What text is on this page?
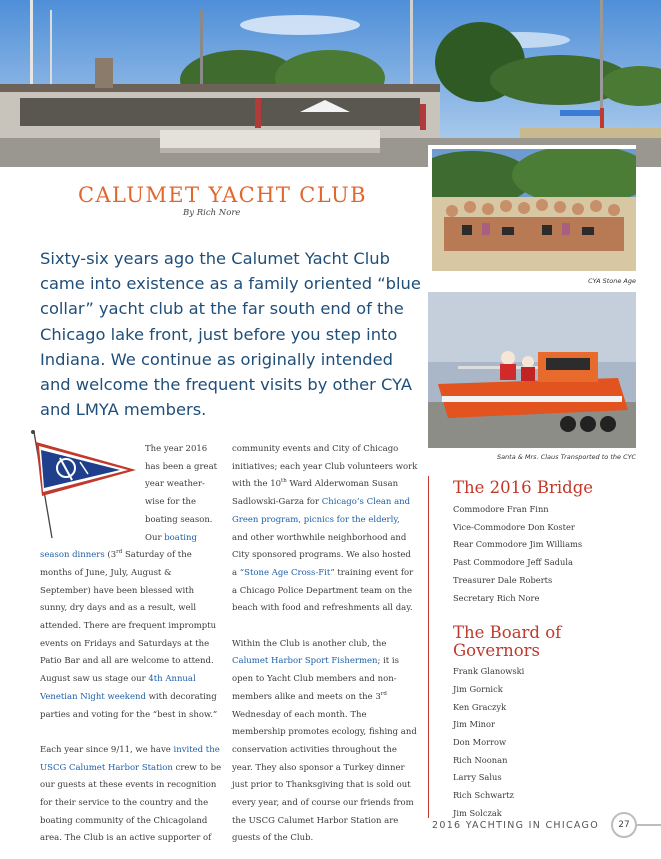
CYA Stone Age
Santa & Mrs. Claus Transported to the CYC
CALUMET YACHT CLUB
By Rich Nore

Sixty-six years ago the Calumet Yacht Club came into existence as a family oriented “blue collar” yacht club at the far south end of the Chicago lake front, just before you step into Indiana. We continue as originally intended and welcome the frequent visits by other CYA and LMYA members.

The year 2016 has been a great year weather-wise for the boating season. Our boating season dinners (3rd Saturday of the months of June, July, August & September) have been blessed with sunny, dry days and as a result, well attended. There are frequent impromptu events on Fridays and Saturdays at the Patio Bar and all are welcome to attend. August saw us stage our 4th Annual Venetian Night weekend with decorating parties and voting for the “best in show.”

Each year since 9/11, we have invited the USCG Calumet Harbor Station crew to be our guests at these events in recognition for their service to the country and the boating community of the Chicagoland area. The Club is an active supporter of

community events and City of Chicago initiatives; each year Club volunteers work with the 10th Ward Alderwoman Susan Sadlowski-Garza for Chicago’s Clean and Green program, picnics for the elderly, and other worthwhile neighborhood and City sponsored programs. We also hosted a “Stone Age Cross-Fit” training event for a Chicago Police Department team on the beach with food and refreshments all day.

Within the Club is another club, the Calumet Harbor Sport Fishermen; it is open to Yacht Club members and non-members alike and meets on the 3rd Wednesday of each month. The membership promotes ecology, fishing and conservation activities throughout the year. They also sponsor a Turkey dinner just prior to Thanksgiving that is sold out every year, and of course our friends from the USCG Calumet Harbor Station are guests of the Club.

The 2016 Bridge
Commodore Fran Finn
Vice-Commodore Don Koster
Rear Commodore Jim Williams
Past Commodore Jeff Sadula
Treasurer Dale Roberts
Secretary Rich Nore
The Board of
Governors
Frank Glanowski
Jim Gornick
Ken Graczyk
Jim Minor
Don Morrow
Rich Noonan
Larry Salus
Rich Schwartz
Jim Solczak
2016 YACHTING IN CHICAGO	27
